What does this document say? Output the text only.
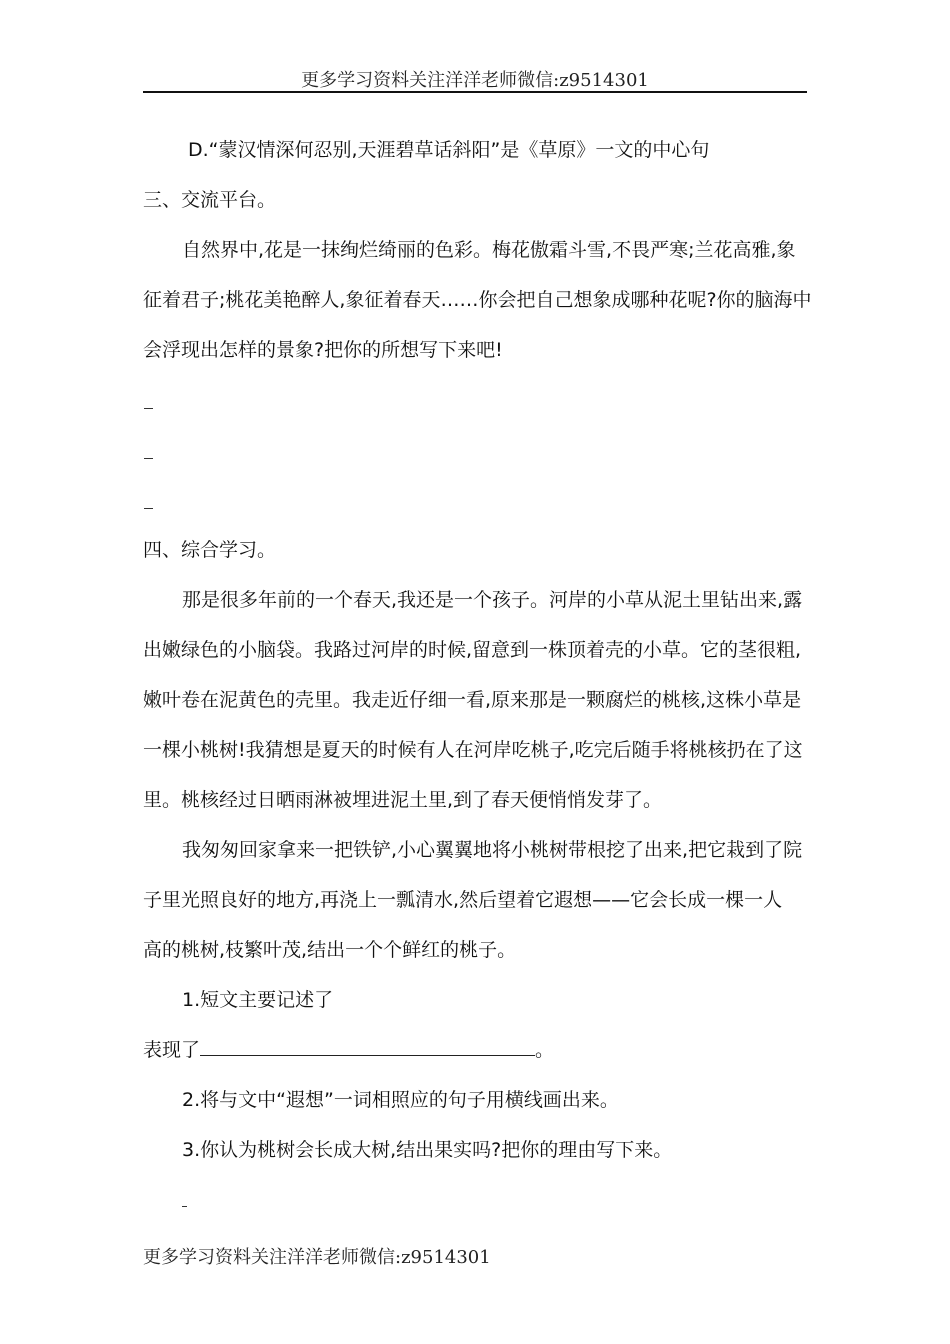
更多学习资料关注洋洋老师微信:z9514301
D.“蒙汉情深何忍别,天涯碧草话斜阳”是《草原》一文的中心句
三、交流平台。
自然界中,花是一抹绚烂绮丽的色彩。梅花傲霜斗雪,不畏严寒;兰花高雅,象
征着君子;桃花美艳醉人,象征着春天……你会把自己想象成哪种花呢?你的脑海中
会浮现出怎样的景象?把你的所想写下来吧!
四、综合学习。
那是很多年前的一个春天,我还是一个孩子。河岸的小草从泥土里钻出来,露
出嫩绿色的小脑袋。我路过河岸的时候,留意到一株顶着壳的小草。它的茎很粗,
嫩叶卷在泥黄色的壳里。我走近仔细一看,原来那是一颗腐烂的桃核,这株小草是
一棵小桃树!我猜想是夏天的时候有人在河岸吃桃子,吃完后随手将桃核扔在了这
里。桃核经过日晒雨淋被埋进泥土里,到了春天便悄悄发芽了。
我匆匆回家拿来一把铁铲,小心翼翼地将小桃树带根挖了出来,把它栽到了院
子里光照良好的地方,再浇上一瓢清水,然后望着它遐想——它会长成一棵一人
高的桃树,枝繁叶茂,结出一个个鲜红的桃子。
1.短文主要记述了
表现了	。
2.将与文中“遐想”一词相照应的句子用横线画出来。
3.你认为桃树会长成大树,结出果实吗?把你的理由写下来。
更多学习资料关注洋洋老师微信:z9514301
